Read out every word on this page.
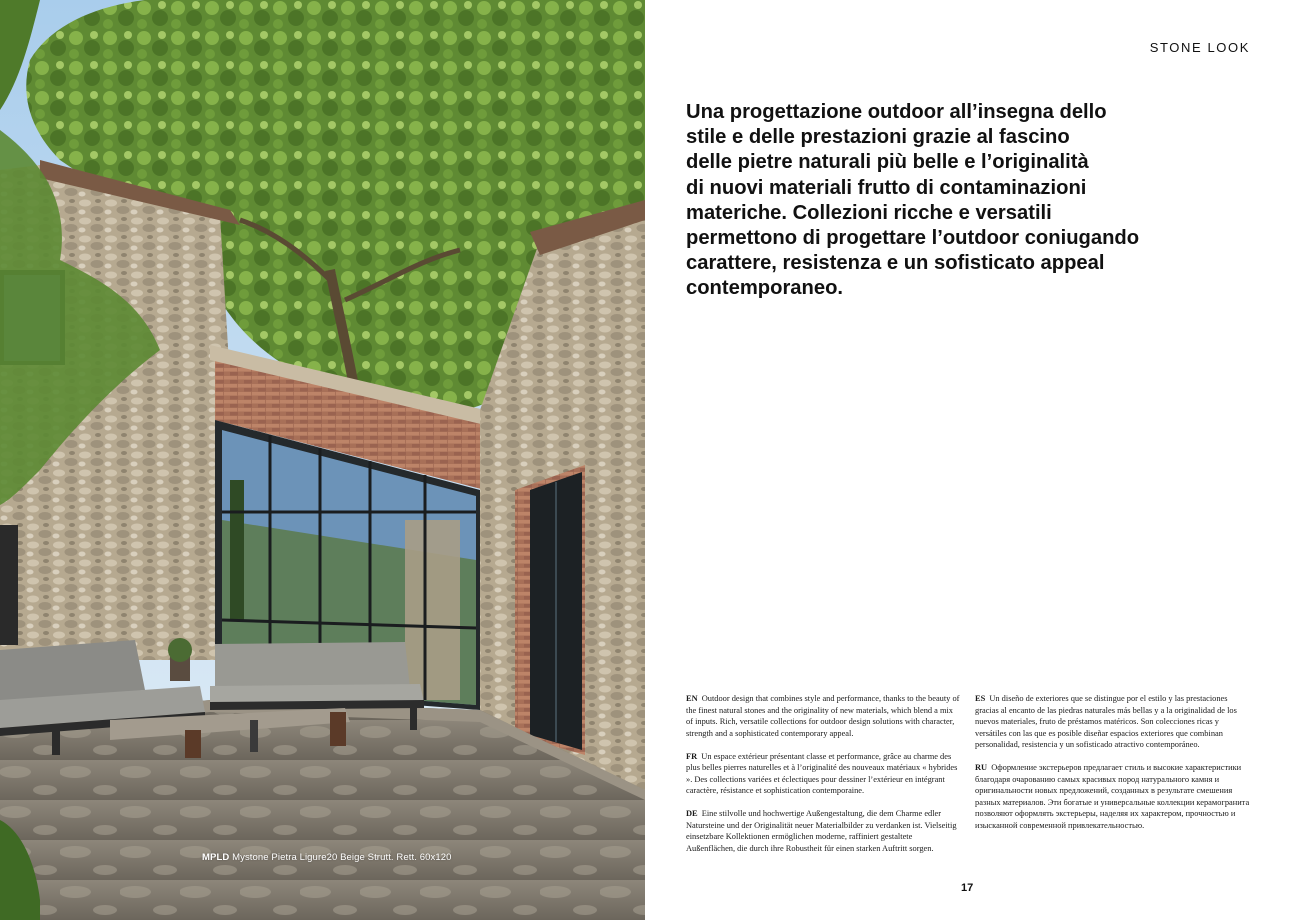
MPLD Mystone Pietra Ligure20 Beige Strutt. Rett. 60x120
STONE LOOK
Una progettazione outdoor all’insegna dello
stile e delle prestazioni grazie al fascino
delle pietre naturali più belle e l’originalità
di nuovi materiali frutto di contaminazioni
materiche. Collezioni ricche e versatili
permettono di progettare l’outdoor coniugando
carattere, resistenza e un sofisticato appeal
contemporaneo.

EN Outdoor design that combines style and performance, thanks to the beauty of the finest natural stones and the originality of new materials, which blend a mix of inputs. Rich, versatile collections for outdoor design solutions with character, strength and a sophisticated contemporary appeal.

FR Un espace extérieur présentant classe et performance, grâce au charme des plus belles pierres naturelles et à l’originalité des nouveaux matériaux « hybrides ». Des collections variées et éclectiques pour dessiner l’extérieur en intégrant caractère, résistance et sophistication contemporaine.

DE Eine stilvolle und hochwertige Außengestaltung, die dem Charme edler Natursteine und der Originalität neuer Materialbilder zu verdanken ist. Vielseitig einsetzbare Kollektionen ermöglichen moderne, raffiniert gestaltete Außenflächen, die durch ihre Robustheit für einen starken Auftritt sorgen.

ES Un diseño de exteriores que se distingue por el estilo y las prestaciones gracias al encanto de las piedras naturales más bellas y a la originalidad de los nuevos materiales, fruto de préstamos matéricos. Son colecciones ricas y versátiles con las que es posible diseñar espacios exteriores que combinan personalidad, resistencia y un sofisticado atractivo contemporáneo.

RU Оформление экстерьеров предлагает стиль и высокие характеристики благодаря очарованию самых красивых пород натурального камня и оригинальности новых предложений, созданных в результате смешения разных материалов. Эти богатые и универсальные коллекции керамогранита позволяют оформлять экстерьеры, наделяя их характером, прочностью и изысканной современной привлекательностью.

17
